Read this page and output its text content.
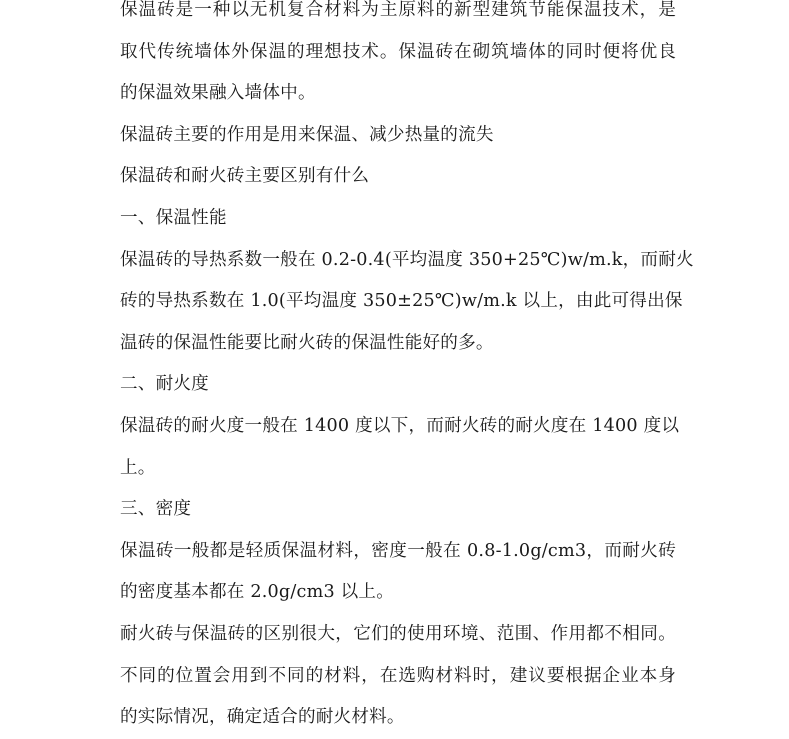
保温砖是一种以无机复合材料为主原料的新型建筑节能保温技术，是
取代传统墙体外保温的理想技术。保温砖在砌筑墙体的同时便将优良
的保温效果融入墙体中。
保温砖主要的作用是用来保温、减少热量的流失
保温砖和耐火砖主要区别有什么
一、保温性能
保温砖的导热系数一般在 0.2-0.4(平均温度 350+25℃)w/m.k，而耐火
砖的导热系数在 1.0(平均温度 350±25℃)w/m.k 以上，由此可得出保
温砖的保温性能要比耐火砖的保温性能好的多。
二、耐火度
保温砖的耐火度一般在 1400 度以下，而耐火砖的耐火度在 1400 度以
上。
三、密度
保温砖一般都是轻质保温材料，密度一般在 0.8-1.0g/cm3，而耐火砖
的密度基本都在 2.0g/cm3 以上。
耐火砖与保温砖的区别很大，它们的使用环境、范围、作用都不相同。
不同的位置会用到不同的材料，在选购材料时，建议要根据企业本身
的实际情况，确定适合的耐火材料。
